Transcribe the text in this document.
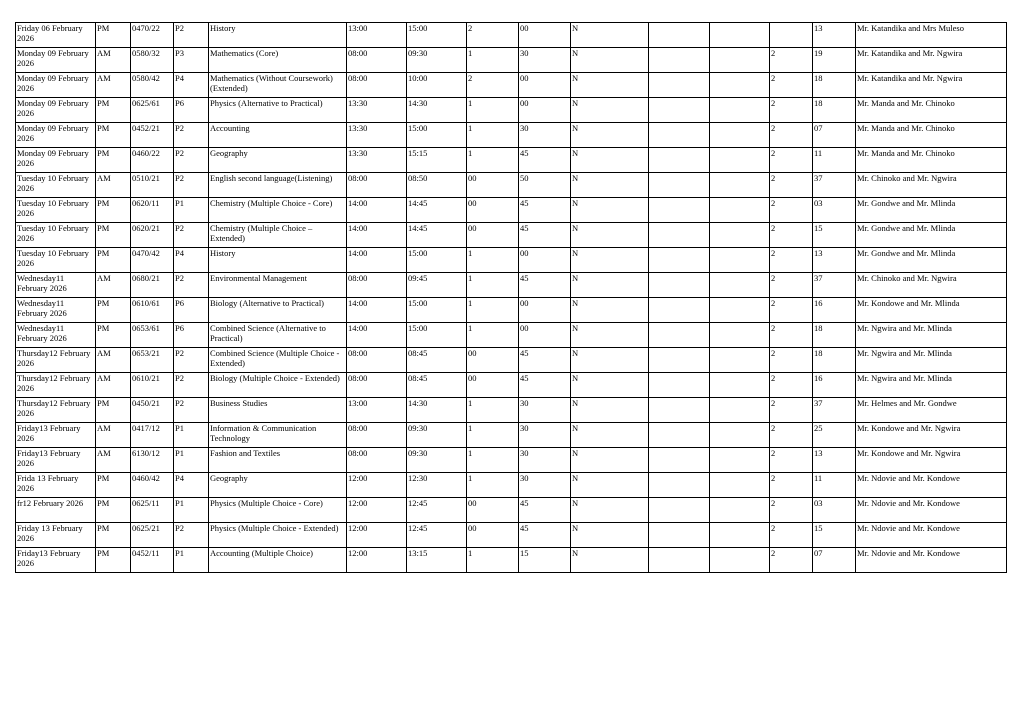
Friday 06 February 2026	PM	0470/22	P2	History	13:00	15:00	2	00	N				13	Mr. Katandika and Mrs Muleso
Monday 09 February 2026	AM	0580/32	P3	Mathematics (Core)	08:00	09:30	1	30	N			2	19	Mr. Katandika and Mr. Ngwira
Monday 09 February 2026	AM	0580/42	P4	Mathematics (Without Coursework) (Extended)	08:00	10:00	2	00	N			2	18	Mr. Katandika and Mr. Ngwira
Monday 09 February 2026	PM	0625/61	P6	Physics (Alternative to Practical)	13:30	14:30	1	00	N			2	18	Mr. Manda and Mr. Chinoko
Monday 09 February 2026	PM	0452/21	P2	Accounting	13:30	15:00	1	30	N			2	07	Mr. Manda and Mr. Chinoko
Monday 09 February 2026	PM	0460/22	P2	Geography	13:30	15:15	1	45	N			2	11	Mr. Manda and Mr. Chinoko
Tuesday 10 February 2026	AM	0510/21	P2	English second language(Listening)	08:00	08:50	00	50	N			2	37	Mr. Chinoko and Mr. Ngwira
Tuesday 10 February 2026	PM	0620/11	P1	Chemistry (Multiple Choice - Core)	14:00	14:45	00	45	N			2	03	Mr. Gondwe and Mr. Mlinda
Tuesday 10 February 2026	PM	0620/21	P2	Chemistry (Multiple Choice – Extended)	14:00	14:45	00	45	N			2	15	Mr. Gondwe and Mr. Mlinda
Tuesday 10 February 2026	PM	0470/42	P4	History	14:00	15:00	1	00	N			2	13	Mr. Gondwe and Mr. Mlinda
Wednesday11 February 2026	AM	0680/21	P2	Environmental Management	08:00	09:45	1	45	N			2	37	Mr. Chinoko and Mr. Ngwira
Wednesday11 February 2026	PM	0610/61	P6	Biology (Alternative to Practical)	14:00	15:00	1	00	N			2	16	Mr. Kondowe and Mr. Mlinda
Wednesday11 February 2026	PM	0653/61	P6	Combined Science (Alternative to Practical)	14:00	15:00	1	00	N			2	18	Mr. Ngwira and Mr. Mlinda
Thursday12 February 2026	AM	0653/21	P2	Combined Science (Multiple Choice - Extended)	08:00	08:45	00	45	N			2	18	Mr. Ngwira and Mr. Mlinda
Thursday12 February 2026	AM	0610/21	P2	Biology (Multiple Choice - Extended)	08:00	08:45	00	45	N			2	16	Mr. Ngwira and Mr. Mlinda
Thursday12 February 2026	PM	0450/21	P2	Business Studies	13:00	14:30	1	30	N			2	37	Mr. Helmes and Mr. Gondwe
Friday13 February 2026	AM	0417/12	P1	Information & Communication Technology	08:00	09:30	1	30	N			2	25	Mr. Kondowe and Mr. Ngwira
Friday13 February 2026	AM	6130/12	P1	Fashion and Textiles	08:00	09:30	1	30	N			2	13	Mr. Kondowe and Mr. Ngwira
Frida 13 February 2026	PM	0460/42	P4	Geography	12:00	12:30	1	30	N			2	11	Mr. Ndovie and Mr. Kondowe
fr12 February 2026	PM	0625/11	P1	Physics (Multiple Choice - Core)	12:00	12:45	00	45	N			2	03	Mr. Ndovie and Mr. Kondowe
Friday 13 February 2026	PM	0625/21	P2	Physics (Multiple Choice - Extended)	12:00	12:45	00	45	N			2	15	Mr. Ndovie and Mr. Kondowe
Friday13 February 2026	PM	0452/11	P1	Accounting (Multiple Choice)	12:00	13:15	1	15	N			2	07	Mr. Ndovie and Mr. Kondowe
